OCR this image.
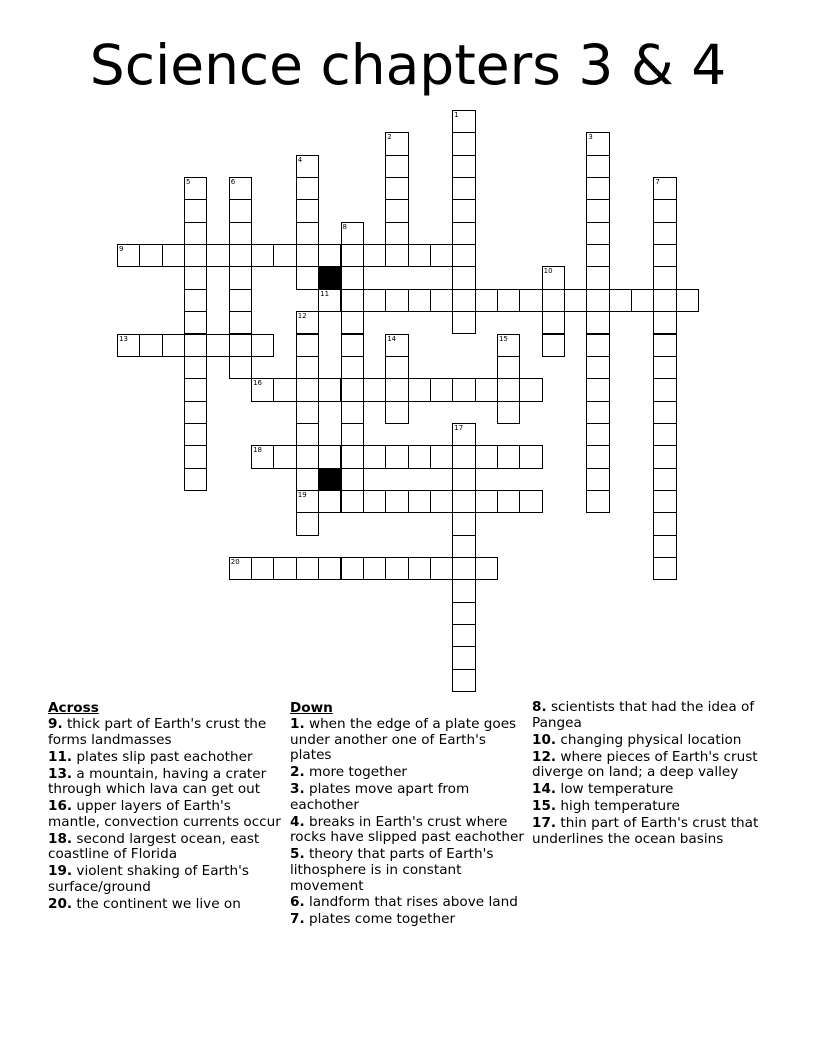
Science chapters 3 & 4
1
2	3
4
5	6	7
8
9
10
11
12
19
13	14	15
16
17
18
20
Across
9. thick part of Earth's crust the forms landmasses
11. plates slip past eachother
13. a mountain, having a crater through which lava can get out
16. upper layers of Earth's mantle, convection currents occur
18. second largest ocean, east coastline of Florida
19. violent shaking of Earth's surface/ground
20. the continent we live on
Down
1. when the edge of a plate goes under another one of Earth's plates
2. more together
3. plates move apart from eachother
4. breaks in Earth's crust where rocks have slipped past eachother
5. theory that parts of Earth's lithosphere is in constant movement
6. landform that rises above land
7. plates come together
8. scientists that had the idea of Pangea
10. changing physical location
12. where pieces of Earth's crust diverge on land; a deep valley
14. low temperature
15. high temperature
17. thin part of Earth's crust that underlines the ocean basins
